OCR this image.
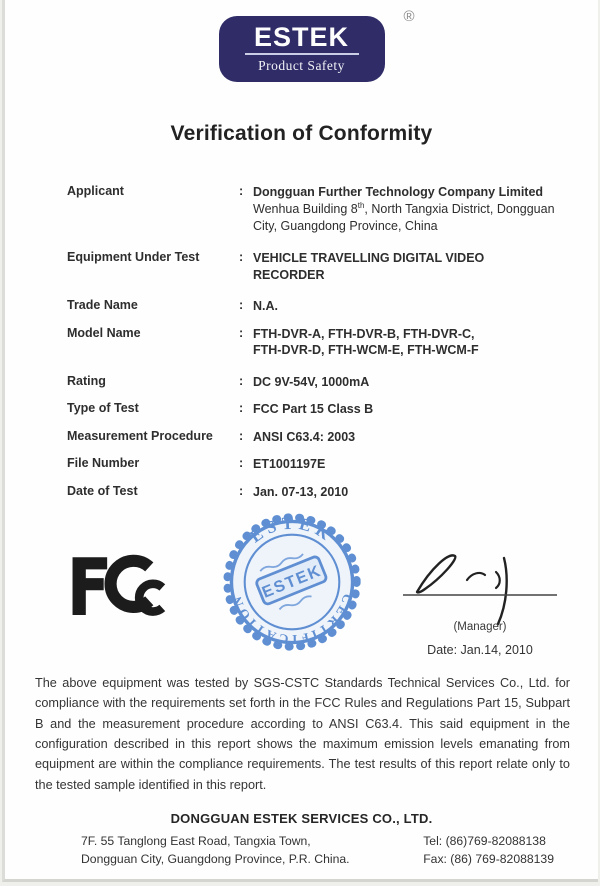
ESTEK
Product Safety
®
Verification of Conformity
Applicant	: Dongguan Further Technology Company Limited
Wenhua Building 8th, North Tangxia District, Dongguan
City, Guangdong Province, China
Equipment Under Test	: VEHICLE TRAVELLING DIGITAL VIDEO
RECORDER
Trade Name	: N.A.
Model Name	: FTH-DVR-A, FTH-DVR-B, FTH-DVR-C,
FTH-DVR-D, FTH-WCM-E, FTH-WCM-F
Rating	: DC 9V-54V, 1000mA
Type of Test	: FCC Part 15 Class B
Measurement Procedure	: ANSI C63.4: 2003
File Number	: ET1001197E
Date of Test	: Jan. 07-13, 2010
ESTEK
CERTIFICATION ESTEK
(Manager)
Date: Jan.14, 2010
The above equipment was tested by SGS-CSTC Standards Technical Services Co., Ltd. for compliance with the requirements set forth in the FCC Rules and Regulations Part 15, Subpart B and the measurement procedure according to ANSI C63.4. This said equipment in the configuration described in this report shows the maximum emission levels emanating from equipment are within the compliance requirements. The test results of this report relate only to the tested sample identified in this report.
DONGGUAN ESTEK SERVICES CO., LTD.
7F. 55 Tanglong East Road, Tangxia Town,
Dongguan City, Guangdong Province, P.R. China.
Tel: (86)769-82088138
Fax: (86) 769-82088139
